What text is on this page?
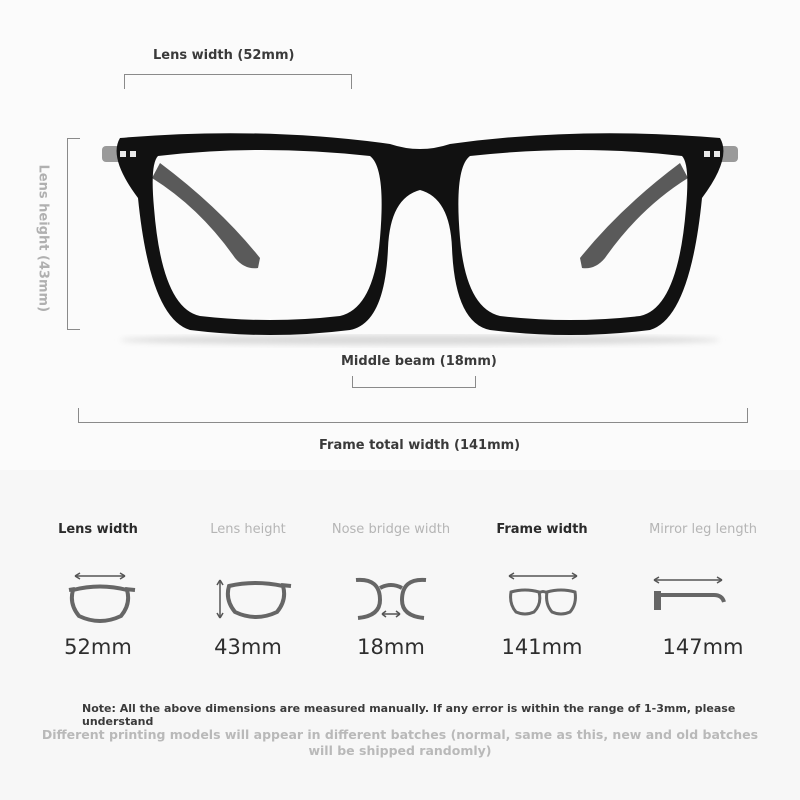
Lens width (52mm)
Lens height (43mm)
Middle beam (18mm)
Frame total width (141mm)
Lens width
52mm
Lens height
43mm
Nose bridge width
18mm
Frame width
141mm
Mirror leg length
147mm
Note: All the above dimensions are measured manually. If any error is within the range of 1-3mm, please understand
Different printing models will appear in different batches (normal, same as this, new and old batches will be shipped randomly)
